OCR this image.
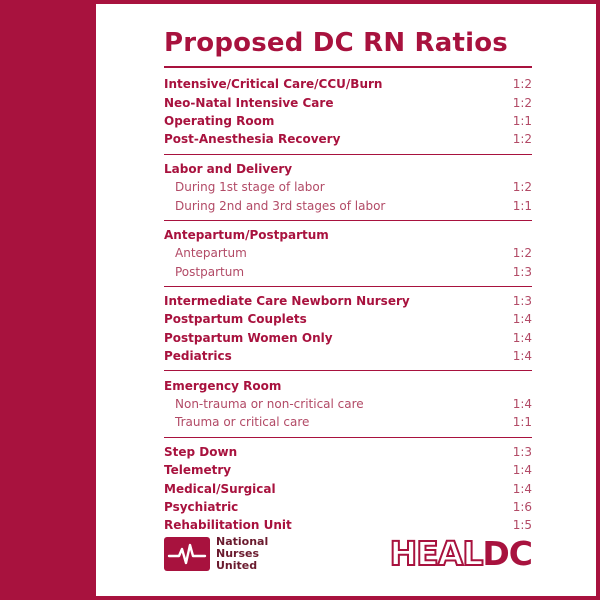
Proposed DC RN Ratios
Intensive/Critical Care/CCU/Burn	1:2
Neo-Natal Intensive Care	1:2
Operating Room	1:1
Post-Anesthesia Recovery	1:2
Labor and Delivery
During 1st stage of labor	1:2
During 2nd and 3rd stages of labor	1:1
Antepartum/Postpartum
Antepartum	1:2
Postpartum	1:3
Intermediate Care Newborn Nursery	1:3
Postpartum Couplets	1:4
Postpartum Women Only	1:4
Pediatrics	1:4
Emergency Room
Non-trauma or non-critical care	1:4
Trauma or critical care	1:1
Step Down	1:3
Telemetry	1:4
Medical/Surgical	1:4
Psychiatric	1:6
Rehabilitation Unit	1:5
National
Nurses
United	HEALDC
